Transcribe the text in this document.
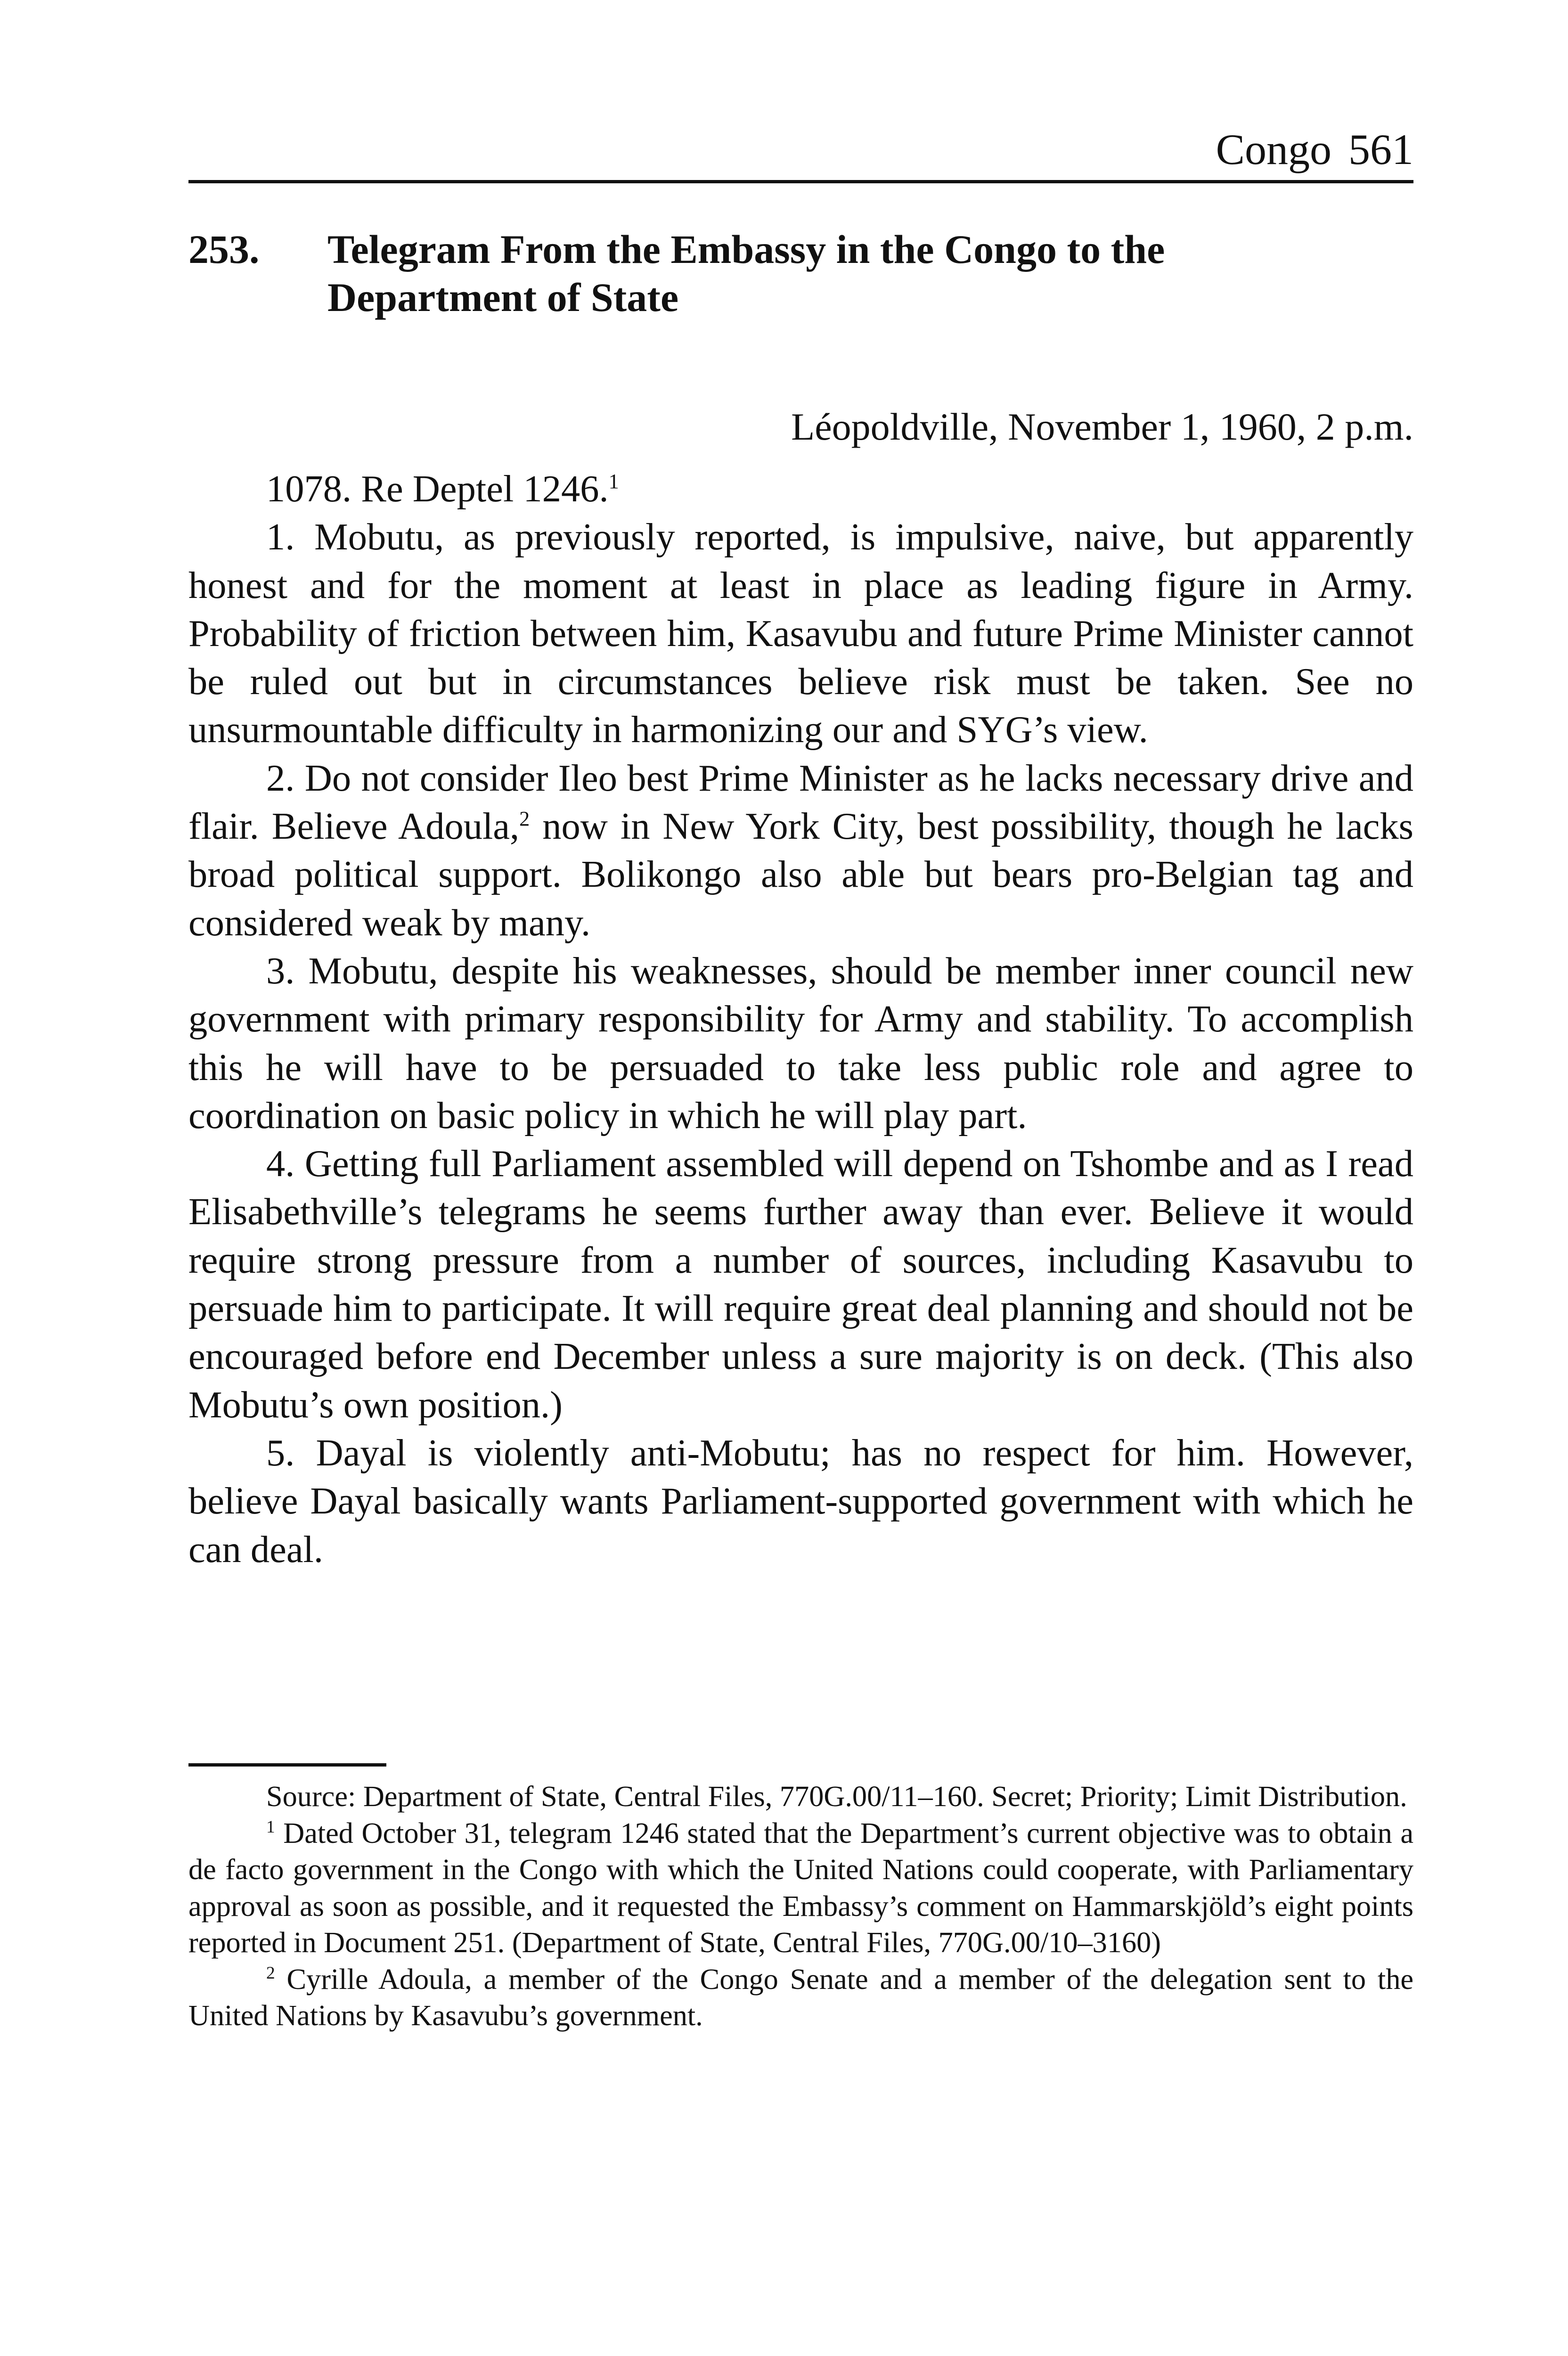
Congo 561
253. Telegram From the Embassy in the Congo to the
Department of State
Léopoldville, November 1, 1960, 2 p.m.

1078. Re Deptel 1246.$^1$

1. Mobutu, as previously reported, is impulsive, naive, but apparently honest and for the moment at least in place as leading figure in Army. Probability of friction between him, Kasavubu and future Prime Minister cannot be ruled out but in circumstances believe risk must be taken. See no unsurmountable difficulty in harmonizing our and SYG’s view.

2. Do not consider Ileo best Prime Minister as he lacks necessary drive and flair. Believe Adoula,$^2$ now in New York City, best possibility, though he lacks broad political support. Bolikongo also able but bears pro-Belgian tag and considered weak by many.

3. Mobutu, despite his weaknesses, should be member inner council new government with primary responsibility for Army and stability. To accomplish this he will have to be persuaded to take less public role and agree to coordination on basic policy in which he will play part.

4. Getting full Parliament assembled will depend on Tshombe and as I read Elisabethville’s telegrams he seems further away than ever. Believe it would require strong pressure from a number of sources, including Kasavubu to persuade him to participate. It will require great deal planning and should not be encouraged before end December unless a sure majority is on deck. (This also Mobutu’s own position.)

5. Dayal is violently anti-Mobutu; has no respect for him. However, believe Dayal basically wants Parliament-supported government with which he can deal.

Source: Department of State, Central Files, 770G.00/11–160. Secret; Priority; Limit Distribution.

$^1$ Dated October 31, telegram 1246 stated that the Department’s current objective was to obtain a de facto government in the Congo with which the United Nations could cooperate, with Parliamentary approval as soon as possible, and it requested the Embassy’s comment on Hammarskjöld’s eight points reported in Document 251. (Department of State, Central Files, 770G.00/10–3160)

$^2$ Cyrille Adoula, a member of the Congo Senate and a member of the delegation sent to the United Nations by Kasavubu’s government.
